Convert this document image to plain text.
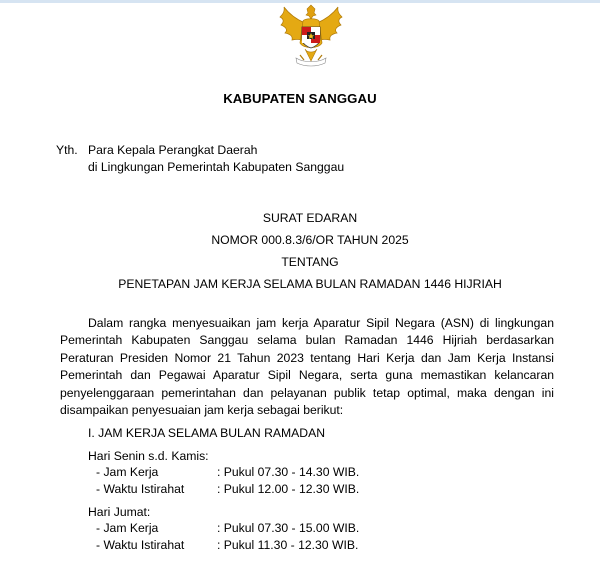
KABUPATEN SANGGAU
Yth. Para Kepala Perangkat Daerah
di Lingkungan Pemerintah Kabupaten Sanggau
SURAT EDARAN
NOMOR 000.8.3/6/OR TAHUN 2025
TENTANG
PENETAPAN JAM KERJA SELAMA BULAN RAMADAN 1446 HIJRIAH

Dalam rangka menyesuaikan jam kerja Aparatur Sipil Negara (ASN) di lingkungan Pemerintah Kabupaten Sanggau selama bulan Ramadan 1446 Hijriah berdasarkan Peraturan Presiden Nomor 21 Tahun 2023 tentang Hari Kerja dan Jam Kerja Instansi Pemerintah dan Pegawai Aparatur Sipil Negara, serta guna memastikan kelancaran penyelenggaraan pemerintahan dan pelayanan publik tetap optimal, maka dengan ini disampaikan penyesuaian jam kerja sebagai berikut:

I. JAM KERJA SELAMA BULAN RAMADAN
Hari Senin s.d. Kamis:
- Jam Kerja	: Pukul 07.30 - 14.30 WIB.
- Waktu Istirahat	: Pukul 12.00 - 12.30 WIB.
Hari Jumat:
- Jam Kerja	: Pukul 07.30 - 15.00 WIB.
- Waktu Istirahat	: Pukul 11.30 - 12.30 WIB.
